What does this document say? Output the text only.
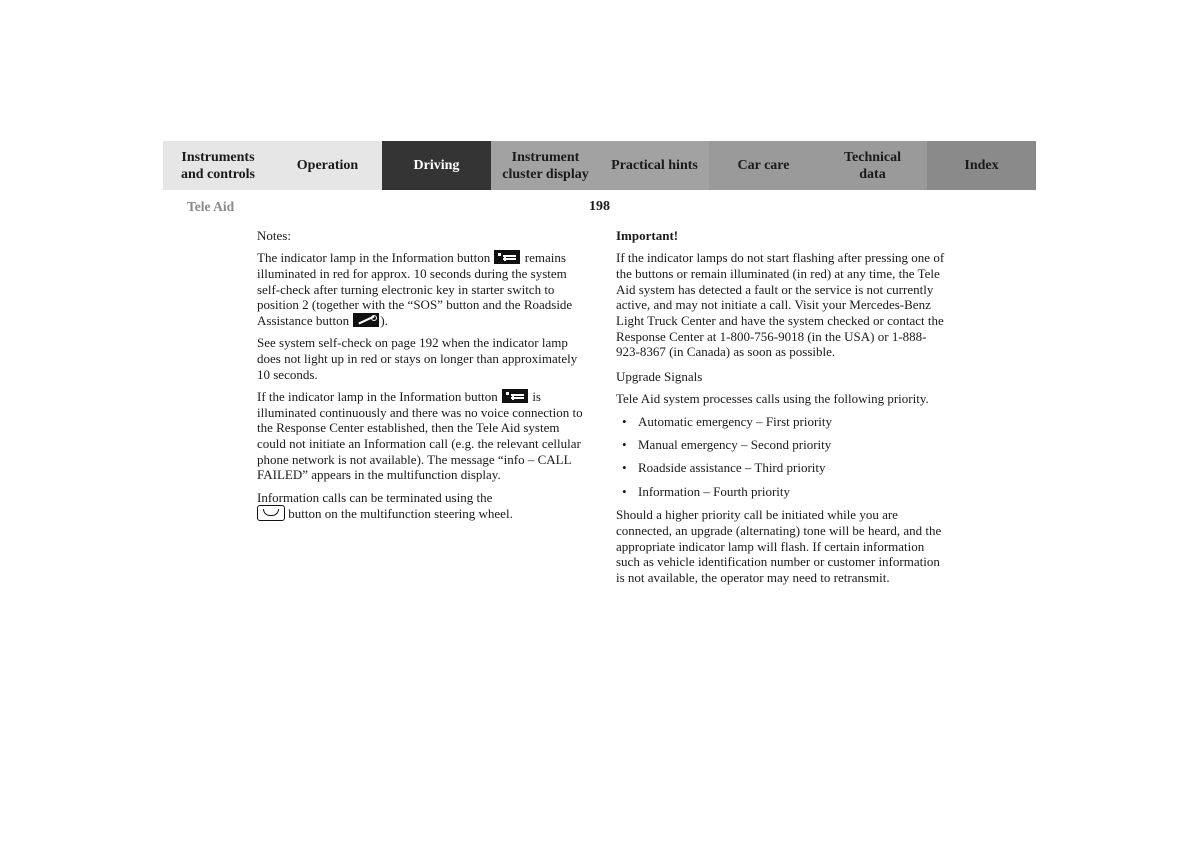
Instruments
and controls
Operation	Driving
Instrument
cluster display
Practical hints	Car care
Technical
data
Index
Tele Aid	198

Notes:

The indicator lamp in the Information button
remains illuminated in red for approx. 10 seconds during the system self-check after turning electronic key in starter switch to position 2 (together with the “SOS” button and the Roadside Assistance button ).

See system self-check on page 192 when the indicator lamp does not light up in red or stays on longer than approximately 10 seconds.

If the indicator lamp in the Information button
is illuminated continuously and there was no voice connection to the Response Center established, then the Tele Aid system could not initiate an Information call (e.g. the relevant cellular phone network is not available). The message “info – CALL FAILED” appears in the multifunction display.

Information calls can be terminated using the
button on the multifunction steering wheel.

Important!

If the indicator lamps do not start flashing after pressing one of the buttons or remain illuminated (in red) at any time, the Tele Aid system has detected a fault or the service is not currently active, and may not initiate a call. Visit your Mercedes-Benz Light Truck Center and have the system checked or contact the Response Center at 1-800-756-9018 (in the USA) or 1-888-923-8367 (in Canada) as soon as possible.

Upgrade Signals

Tele Aid system processes calls using the following priority.

• Automatic emergency – First priority
• Manual emergency – Second priority
• Roadside assistance – Third priority
• Information – Fourth priority

Should a higher priority call be initiated while you are connected, an upgrade (alternating) tone will be heard, and the appropriate indicator lamp will flash. If certain information such as vehicle identification number or customer information is not available, the operator may need to retransmit.
